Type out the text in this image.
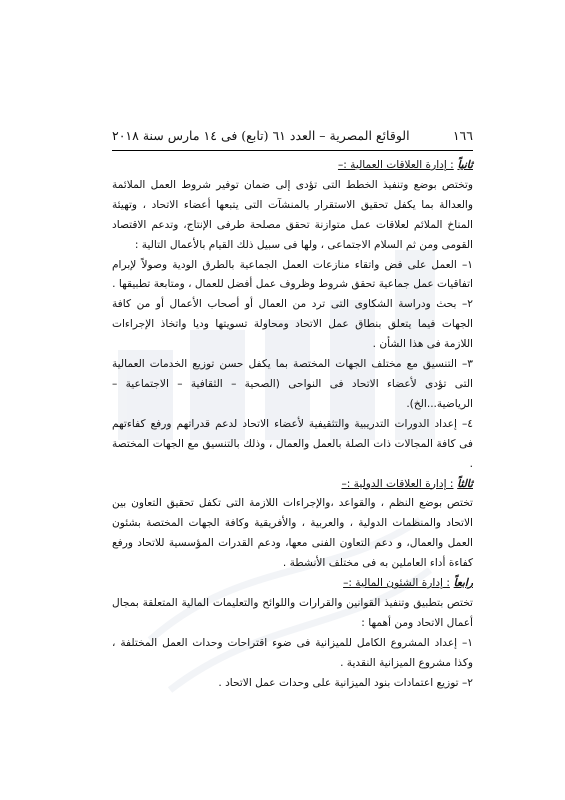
١٦٦
الوقائع المصرية – العدد ٦١ (تابع) فى ١٤ مارس سنة ٢٠١٨

ثانياً : إدارة العلاقات العمالية :–

وتختص بوضع وتنفيذ الخطط التى تؤدى إلى ضمان توفير شروط العمل الملائمة والعدالة بما يكفل تحقيق الاستقرار بالمنشآت التى يتبعها أعضاء الاتحاد ، وتهيئة المناخ الملائم لعلاقات عمل متوازنة تحقق مصلحة طرفى الإنتاج، وتدعم الاقتصاد القومى ومن ثم السلام الاجتماعى ، ولها فى سبيل ذلك القيام بالأعمال التالية :

١– العمل على فض واتقاء منازعات العمل الجماعية بالطرق الودية وصولاً لإبرام اتفاقيات عمل جماعية تحقق شروط وظروف عمل أفضل للعمال ، ومتابعة تطبيقها .

٢– بحث ودراسة الشكاوى التى ترد من العمال أو أصحاب الأعمال أو من كافة الجهات فيما يتعلق بنطاق عمل الاتحاد ومحاولة تسويتها وديا واتخاذ الإجراءات اللازمة فى هذا الشأن .

٣– التنسيق مع مختلف الجهات المختصة بما يكفل حسن توزيع الخدمات العمالية التى تؤدى لأعضاء الاتحاد فى النواحى (الصحية – الثقافية – الاجتماعية – الرياضية...الخ).

٤– إعداد الدورات التدريبية والتثقيفية لأعضاء الاتحاد لدعم قدراتهم ورفع كفاءتهم فى كافة المجالات ذات الصلة بالعمل والعمال ، وذلك بالتنسيق مع الجهات المختصة .

ثالثاً : إدارة العلاقات الدولية :–

تختص بوضع النظم ، والقواعد ،والإجراءات اللازمة التى تكفل تحقيق التعاون بين الاتحاد والمنظمات الدولية ، والعربية ، والأفريقية وكافة الجهات المختصة بشئون العمل والعمال، و دعم التعاون الفنى معها، ودعم القدرات المؤسسية للاتحاد ورفع كفاءة أداء العاملين به فى مختلف الأنشطة .

رابعاً : إدارة الشئون المالية :–

تختص بتطبيق وتنفيذ القوانين والقرارات واللوائح والتعليمات المالية المتعلقة بمجال أعمال الاتحاد ومن أهمها :

١– إعداد المشروع الكامل للميزانية فى ضوء اقتراحات وحدات العمل المختلفة ، وكذا مشروع الميزانية النقدية .

٢– توزيع اعتمادات بنود الميزانية على وحدات عمل الاتحاد .
